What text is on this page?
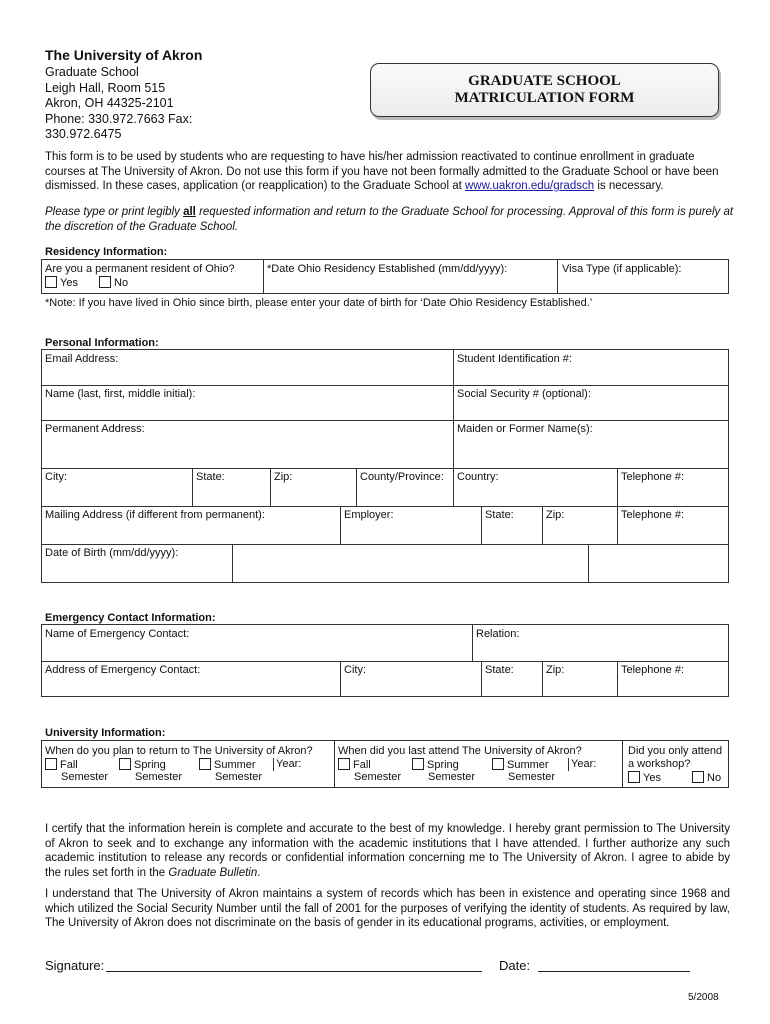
The University of Akron
Graduate School
Leigh Hall, Room 515
Akron, OH 44325-2101
Phone: 330.972.7663 Fax:
330.972.6475
GRADUATE SCHOOL
MATRICULATION FORM
This form is to be used by students who are requesting to have his/her admission reactivated to continue enrollment in graduate courses at The University of Akron. Do not use this form if you have not been formally admitted to the Graduate School or have been dismissed. In these cases, application (or reapplication) to the Graduate School at www.uakron.edu/gradsch is necessary.
Please type or print legibly all requested information and return to the Graduate School for processing. Approval of this form is purely at the discretion of the Graduate School.
Residency Information:
Are you a permanent resident of Ohio?
Yes	No
*Date Ohio Residency Established (mm/dd/yyyy):	Visa Type (if applicable):
*Note: If you have lived in Ohio since birth, please enter your date of birth for ‘Date Ohio Residency Established.’
Personal Information:
Email Address:	Student Identification #:
Name (last, first, middle initial):	Social Security # (optional):
Permanent Address:	Maiden or Former Name(s):
City:	State:	Zip:	County/Province:	Country:	Telephone #:
Mailing Address (if different from permanent):	Employer:	State:	Zip:	Telephone #:
Date of Birth (mm/dd/yyyy):
Emergency Contact Information:
Name of Emergency Contact:	Relation:
Address of Emergency Contact:	City:	State:	Zip:	Telephone #:
University Information:
When do you plan to return to The University of Akron?
Fall
Semester
Spring
Semester
Summer
Semester
Year:
When did you last attend The University of Akron?
Fall
Semester
Spring
Semester
Summer
Semester
Year:
Did you only attend
a workshop?
Yes	No
I certify that the information herein is complete and accurate to the best of my knowledge. I hereby grant permission to The University of Akron to seek and to exchange any information with the academic institutions that I have attended. I further authorize any such academic institution to release any records or confidential information concerning me to The University of Akron. I agree to abide by the rules set forth in the Graduate Bulletin.
I understand that The University of Akron maintains a system of records which has been in existence and operating since 1968 and which utilized the Social Security Number until the fall of 2001 for the purposes of verifying the identity of students. As required by law, The University of Akron does not discriminate on the basis of gender in its educational programs, activities, or employment.
Signature:	Date:
5/2008
